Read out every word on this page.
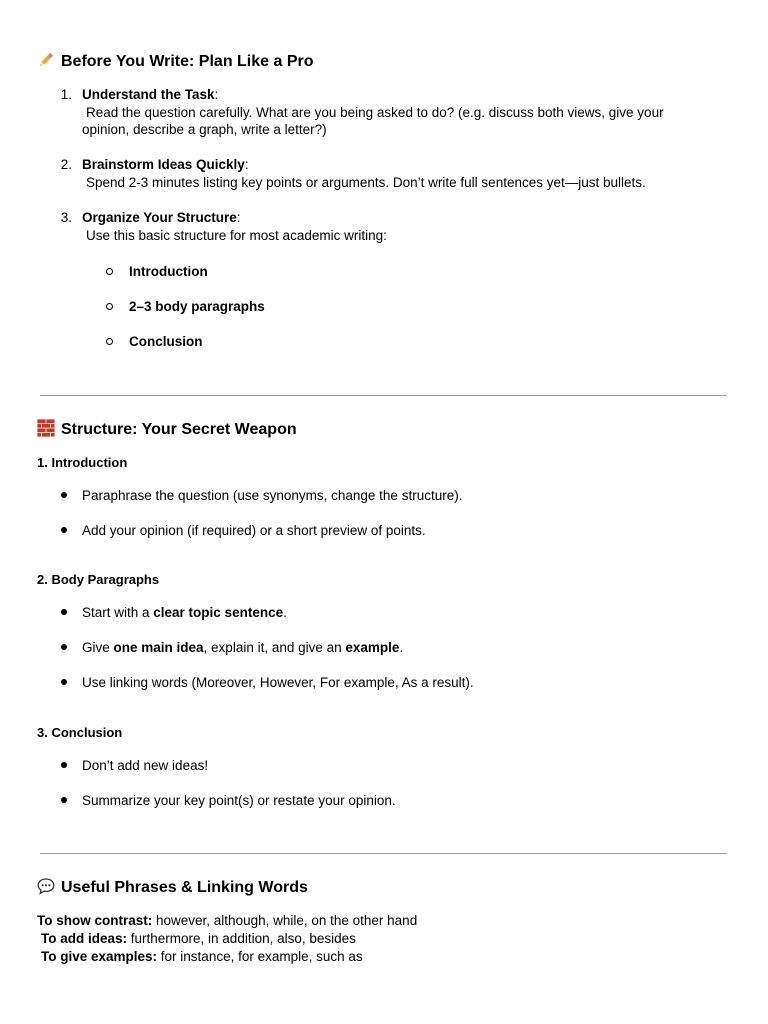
Before You Write: Plan Like a Pro
1. Understand the Task:
Read the question carefully. What are you being asked to do? (e.g. discuss both views, give your opinion, describe a graph, write a letter?)
2. Brainstorm Ideas Quickly:
Spend 2-3 minutes listing key points or arguments. Don’t write full sentences yet—just bullets.
3. Organize Your Structure:
Use this basic structure for most academic writing:
Introduction
2–3 body paragraphs
Conclusion
Structure: Your Secret Weapon
1. Introduction
Paraphrase the question (use synonyms, change the structure).
Add your opinion (if required) or a short preview of points.
2. Body Paragraphs
Start with a clear topic sentence.
Give one main idea, explain it, and give an example.
Use linking words (Moreover, However, For example, As a result).
3. Conclusion
Don’t add new ideas!
Summarize your key point(s) or restate your opinion.
Useful Phrases & Linking Words
To show contrast: however, although, while, on the other hand
To add ideas: furthermore, in addition, also, besides
To give examples: for instance, for example, such as
